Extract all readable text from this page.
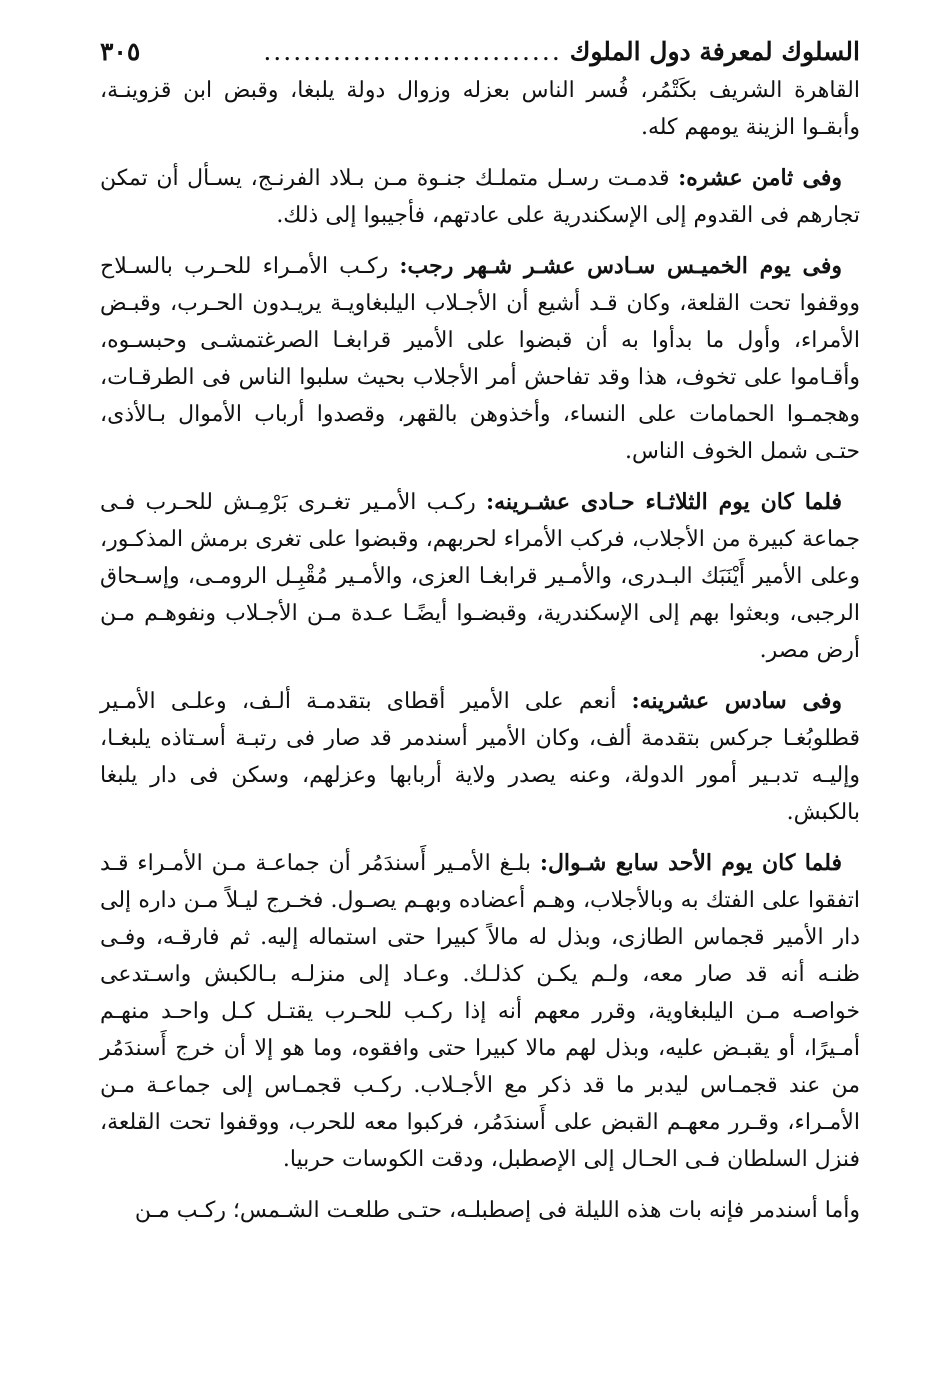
السلوك لمعرفة دول الملوك
..............................
٣٠٥

القاهرة الشريف بكَتْمُر، فُسر الناس بعزله وزوال دولة يلبغا، وقبض ابن قزوينـة، وأبقـوا الزينة يومهم كله.

وفى ثامن عشره: قدمـت رسـل متملـك جنـوة مـن بـلاد الفرنـج، يسـأل أن تمكن تجارهم فى القدوم إلى الإسكندرية على عادتهم، فأجيبوا إلى ذلك.

وفى يوم الخميـس سـادس عشـر شـهر رجب: ركـب الأمـراء للحـرب بالسـلاح ووقفوا تحت القلعة، وكان قـد أشيع أن الأجـلاب اليلبغاويـة يريـدون الحـرب، وقبـض الأمراء، وأول ما بدأوا به أن قبضوا على الأمير قرابغـا الصرغتمشـى وحبسـوه، وأقـاموا على تخوف، هذا وقد تفاحش أمر الأجلاب بحيث سلبوا الناس فى الطرقـات، وهجمـوا الحمامات على النساء، وأخذوهن بالقهر، وقصدوا أرباب الأموال بـالأذى، حتـى شمل الخوف الناس.

فلما كان يوم الثلاثـاء حـادى عشـرينه: ركـب الأمـير تغـرى بَرْمِـش للحـرب فـى جماعة كبيرة من الأجلاب، فركب الأمراء لحربهم، وقبضوا على تغرى برمش المذكـور، وعلى الأمير أَيْنَبَك البـدرى، والأمـير قرابغـا العزى، والأمـير مُقْبِـل الرومـى، وإسـحاق الرجبى، وبعثوا بهم إلى الإسكندرية، وقبضـوا أيضًـا عـدة مـن الأجـلاب ونفوهـم مـن أرض مصر.

وفى سادس عشرينه: أنعم على الأمير أقطاى بتقدمـة ألـف، وعلـى الأمـير قطلوبُغـا جركس بتقدمة ألف، وكان الأمير أسندمر قد صار فى رتبـة أسـتاذه يلبغـا، وإليـه تدبـير أمور الدولة، وعنه يصدر ولاية أربابها وعزلهم، وسكن فى دار يلبغا بالكبش.

فلما كان يوم الأحد سابع شـوال: بلـغ الأمـير أَسندَمُر أن جماعـة مـن الأمـراء قـد اتفقوا على الفتك به وبالأجلاب، وهـم أعضاده وبهـم يصـول. فخـرج ليـلاً مـن داره إلى دار الأمير قجماس الطازى، وبذل له مالاً كبيرا حتى استماله إليه. ثم فارقـه، وفـى ظنـه أنه قد صار معه، ولـم يكـن كذلـك. وعـاد إلى منزلـه بـالكبش واسـتدعى خواصـه مـن اليلبغاوية، وقرر معهم أنه إذا ركـب للحـرب يقتـل كـل واحـد منهـم أمـيرًا، أو يقبـض عليه، وبذل لهم مالا كبيرا حتى وافقوه، وما هو إلا أن خرج أَسندَمُر من عند قجمـاس ليدبر ما قد ذكر مع الأجـلاب. ركـب قجمـاس إلى جماعـة مـن الأمـراء، وقـرر معهـم القبض على أَسندَمُر، فركبوا معه للحرب، ووقفوا تحت القلعة، فنزل السلطان فـى الحـال إلى الإصطبل، ودقت الكوسات حربيا.

وأما أسندمر فإنه بات هذه الليلة فى إصطبلـه، حتـى طلعـت الشـمس؛ ركـب مـن
